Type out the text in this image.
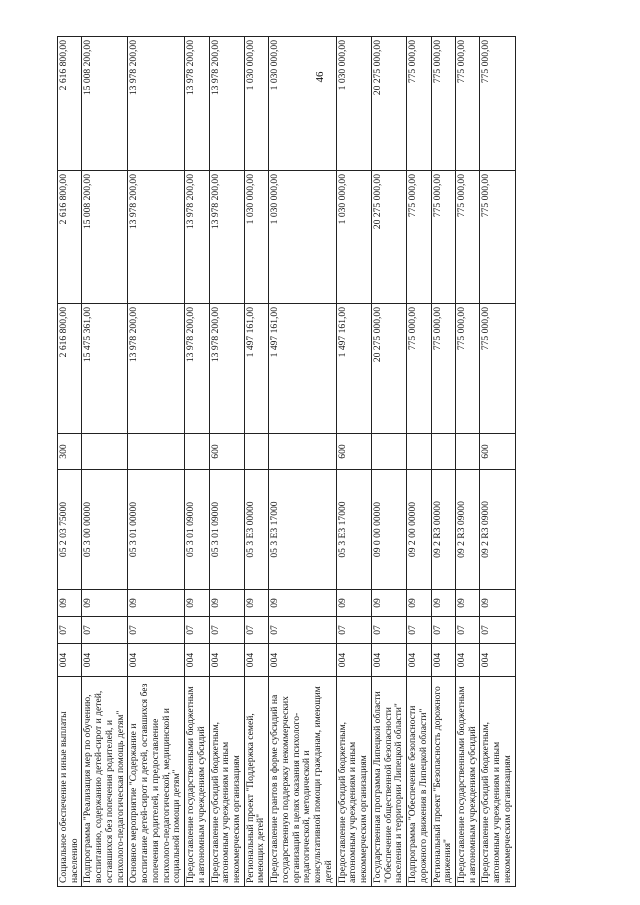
46
Социальное обеспечение и иные выплаты населению	004	07	09	05 2 03 75000	300	2 616 800,00	2 616 800,00	2 616 800,00
Подпрограмма "Реализация мер по обучению, воспитанию, содержанию детей-сирот и детей, оставшихся без попечения родителей, и психолого-педагогическая помощь детям"	004	07	09	05 3 00 00000		15 475 361,00	15 008 200,00	15 008 200,00
Основное мероприятие "Содержание и воспитание детей-сирот и детей, оставшихся без попечения родителей, и предоставление психолого-педагогической, медицинской и социальной помощи детям"	004	07	09	05 3 01 00000		13 978 200,00	13 978 200,00	13 978 200,00
Предоставление государственными бюджетным и автономным учреждениям субсидий	004	07	09	05 3 01 09000		13 978 200,00	13 978 200,00	13 978 200,00
Предоставление субсидий бюджетным, автономным учреждениям и иным некоммерческим организациям	004	07	09	05 3 01 09000	600	13 978 200,00	13 978 200,00	13 978 200,00
Региональный проект "Поддержка семей, имеющих детей"	004	07	09	05 3 E3 00000		1 497 161,00	1 030 000,00	1 030 000,00
Предоставление грантов в форме субсидий на государственную поддержку некоммерческих организаций в целях оказания психолого-педагогической, методической и консультативной помощи гражданам, имеющим детей	004	07	09	05 3 E3 17000		1 497 161,00	1 030 000,00	1 030 000,00
Предоставление субсидий бюджетным, автономным учреждениям и иным некоммерческим организациям	004	07	09	05 3 E3 17000	600	1 497 161,00	1 030 000,00	1 030 000,00
Государственная программа Липецкой области "Обеспечение общественной безопасности населения и территории Липецкой области"	004	07	09	09 0 00 00000		20 275 000,00	20 275 000,00	20 275 000,00
Подпрограмма "Обеспечение безопасности дорожного движения в Липецкой области"	004	07	09	09 2 00 00000		775 000,00	775 000,00	775 000,00
Региональный проект "Безопасность дорожного движения"	004	07	09	09 2 R3 00000		775 000,00	775 000,00	775 000,00
Предоставление государственными бюджетным и автономным учреждениям субсидий	004	07	09	09 2 R3 09000		775 000,00	775 000,00	775 000,00
Предоставление субсидий бюджетным, автономным учреждениям и иным некоммерческим организациям	004	07	09	09 2 R3 09000	600	775 000,00	775 000,00	775 000,00
